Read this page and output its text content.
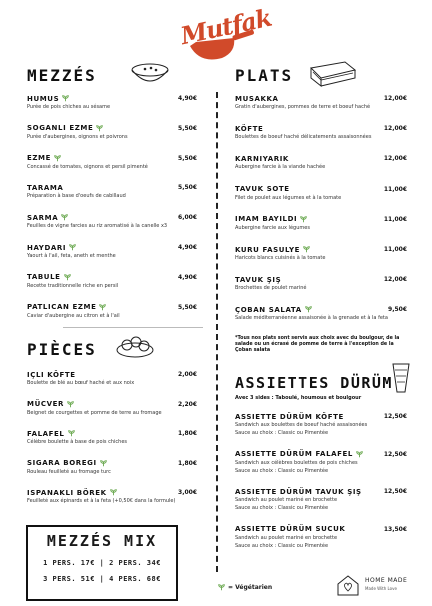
Mutfak
MEZZÉS
HUMUS	4,90€
Purée de pois chiches au sésame
SOGANLI EZME	5,50€
Purée d'aubergines, oignons et poivrons
EZME	5,50€
Concassé de tomates, oignons et persil pimenté
TARAMA	5,50€
Préparation à base d'oeufs de cabillaud
SARMA	6,00€
Feuilles de vigne farcies au riz aromatisé à la canelle x3
HAYDARI	4,90€
Yaourt à l'ail, feta, aneth et menthe
TABULE	4,90€
Recette traditionnelle riche en persil
PATLICAN EZME	5,50€
Caviar d'aubergine au citron et à l'ail
PIÈCES
IÇLI KÖFTE	2,00€
Boulette de blé au bœuf haché et aux noix
MÜCVER	2,20€
Beignet de courgettes et pomme de terre au fromage
FALAFEL	1,80€
Célèbre boulette à base de pois chiches
SIGARA BOREGI	1,80€
Rouleau feuilleté au fromage turc
ISPANAKLI BÖREK	3,00€
Feuilleté aux épinards et à la feta (+0,50€ dans la formule)
MEZZÉS MIX
1 PERS. 17€ | 2 PERS. 34€
3 PERS. 51€ | 4 PERS. 68€
PLATS
MUSAKKA	12,00€
Gratin d'aubergines, pommes de terre et boeuf haché
KÖFTE	12,00€
Boulettes de boeuf haché délicatements assaisonnées
KARNIYARIK	12,00€
Aubergine farcie à la viande hachée
TAVUK SOTE	11,00€
Filet de poulet aux légumes et à la tomate
IMAM BAYILDI	11,00€
Aubergine farcie aux légumes
KURU FASULYE	11,00€
Haricots blancs cuisinés à la tomate
TAVUK ŞIŞ	12,00€
Brochettes de poulet mariné
ÇOBAN SALATA	9,50€
Salade méditerranéenne assaisonée à la grenade et à la feta
*Tous nos plats sont servis aux choix avec du boulgour, de la salade ou un écrasé de pomme de terre à l'exception de la Çoban salata
ASSIETTES DÜRÜM
Avec 3 sides : Taboulé, houmous et boulgour
ASSIETTE DÜRÜM KÖFTE	12,50€
Sandwich aux boulettes de boeuf haché assaisonées
Sauce au choix : Classic ou Pimentée
ASSIETTE DÜRÜM FALAFEL	12,50€
Sandwich aux célèbres boulettes de pois chiches
Sauce au choix : Classic ou Pimentée
ASSIETTE DÜRÜM TAVUK ŞIŞ	12,50€
Sandwich au poulet mariné en brochette
Sauce au choix : Classic ou Pimentée
ASSIETTE DÜRÜM SUCUK	13,50€
Sandwich au poulet mariné en brochette
Sauce au choix : Classic ou Pimentée
= Végétarien
HOME MADE
Made With Love
